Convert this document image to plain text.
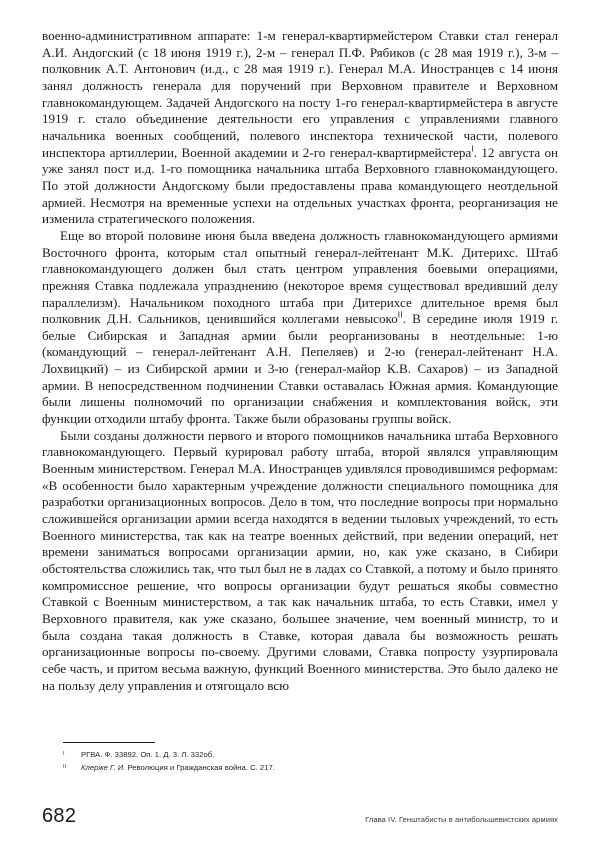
военно-административном аппарате: 1-м генерал-квартирмейстером Ставки стал генерал А.И. Андогский (с 18 июня 1919 г.), 2-м – генерал П.Ф. Рябиков (с 28 мая 1919 г.), 3-м – полковник А.Т. Антонович (и.д., с 28 мая 1919 г.). Генерал М.А. Иностранцев с 14 июня занял должность генерала для поручений при Верховном правителе и Верховном главнокомандующем. Задачей Андогского на посту 1-го генерал-квартирмейстера в августе 1919 г. стало объединение деятельности его управления с управлениями главного начальника военных сообщений, полевого инспектора технической части, полевого инспектора артиллерии, Военной академии и 2-го генерал-квартирмейстера$^I$. 12 августа он уже занял пост и.д. 1-го помощника начальника штаба Верховного главнокомандующего. По этой должности Андогскому были предоставлены права командующего неотдельной армией. Несмотря на временные успехи на отдельных участках фронта, реорганизация не изменила стратегического положения.

Еще во второй половине июня была введена должность главнокомандующего армиями Восточного фронта, которым стал опытный генерал-лейтенант М.К. Дитерихс. Штаб главнокомандующего должен был стать центром управления боевыми операциями, прежняя Ставка подлежала упразднению (некоторое время существовал вредивший делу параллелизм). Начальником походного штаба при Дитерихсе длительное время был полковник Д.Н. Сальников, ценившийся коллегами невысоко$^{II}$. В середине июля 1919 г. белые Сибирская и Западная армии были реорганизованы в неотдельные: 1-ю (командующий – генерал-лейтенант А.Н. Пепеляев) и 2-ю (генерал-лейтенант Н.А. Лохвицкий) – из Сибирской армии и 3-ю (генерал-майор К.В. Сахаров) – из Западной армии. В непосредственном подчинении Ставки оставалась Южная армия. Командующие были лишены полномочий по организации снабжения и комплектования войск, эти функции отходили штабу фронта. Также были образованы группы войск.

Были созданы должности первого и второго помощников начальника штаба Верховного главнокомандующего. Первый курировал работу штаба, второй являлся управляющим Военным министерством. Генерал М.А. Иностранцев удивлялся проводившимся реформам: «В особенности было характерным учреждение должности специального помощника для разработки организационных вопросов. Дело в том, что последние вопросы при нормально сложившейся организации армии всегда находятся в ведении тыловых учреждений, то есть Военного министерства, так как на театре военных действий, при ведении операций, нет времени заниматься вопросами организации армии, но, как уже сказано, в Сибири обстоятельства сложились так, что тыл был не в ладах со Ставкой, а потому и было принято компромиссное решение, что вопросы организации будут решаться якобы совместно Ставкой с Военным министерством, а так как начальник штаба, то есть Ставки, имел у Верховного правителя, как уже сказано, большее значение, чем военный министр, то и была создана такая должность в Ставке, которая давала бы возможность решать организационные вопросы по-своему. Другими словами, Ставка попросту узурпировала себе часть, и притом весьма важную, функций Военного министерства. Это было далеко не на пользу делу управления и отягощало всю

I РГВА. Ф. 33892. Оп. 1. Д. 3. Л. 332об.
II Клерже Г. И. Революция и Гражданская война. С. 217.
682	Глава IV. Генштабисты в антибольшевистских армиях
